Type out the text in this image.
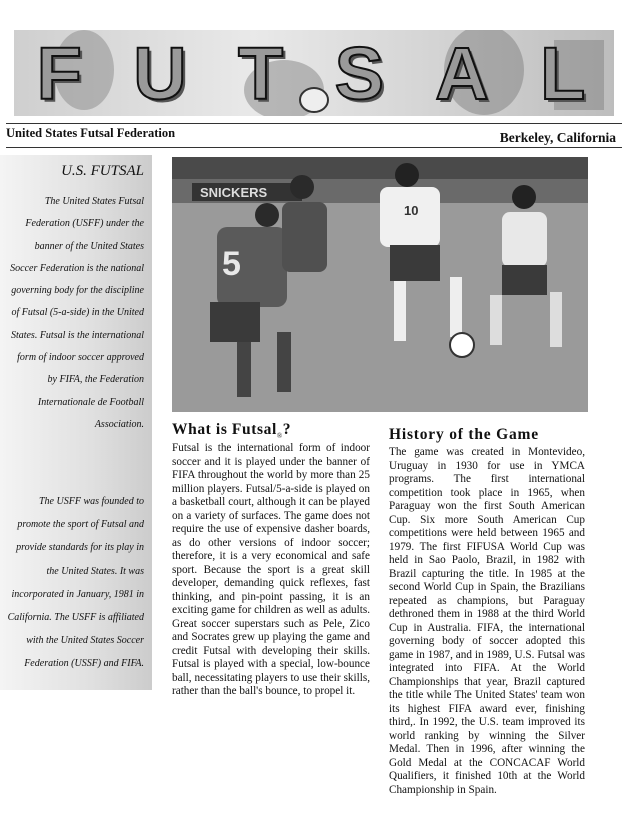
F U T S A L
United States Futsal Federation	Berkeley, California
U.S. FUTSAL
The United States Futsal Federation (USFF) under the banner of the United States Soccer Federation is the national governing body for the discipline of Futsal (5-a-side) in the United States. Futsal is the international form of indoor soccer approved by FIFA, the Federation Internationale de Football Association.
The USFF was founded to promote the sport of Futsal and provide standards for its play in the United States. It was incorporated in January, 1981 in California. The USFF is affiliated with the United States Soccer Federation (USSF) and FIFA.
SNICKERS
5
10
What is Futsal$_®$?
Futsal is the international form of indoor soccer and it is played under the banner of FIFA throughout the world by more than 25 million players. Futsal/5-a-side is played on a basketball court, although it can be played on a variety of surfaces. The game does not require the use of expensive dasher boards, as do other versions of indoor soccer; therefore, it is a very economical and safe sport. Because the sport is a great skill developer, demanding quick reflexes, fast thinking, and pin-point passing, it is an exciting game for children as well as adults. Great soccer superstars such as Pele, Zico and Socrates grew up playing the game and credit Futsal with developing their skills. Futsal is played with a special, low-bounce ball, necessitating players to use their skills, rather than the ball's bounce, to propel it.
History of the Game
The game was created in Montevideo, Uruguay in 1930 for use in YMCA programs. The first international competition took place in 1965, when Paraguay won the first South American Cup. Six more South American Cup competitions were held between 1965 and 1979. The first FIFUSA World Cup was held in Sao Paolo, Brazil, in 1982 with Brazil capturing the title. In 1985 at the second World Cup in Spain, the Brazilians repeated as champions, but Paraguay dethroned them in 1988 at the third World Cup in Australia. FIFA, the international governing body of soccer adopted this game in 1987, and in 1989, U.S. Futsal was integrated into FIFA. At the World Championships that year, Brazil captured the title while The United States' team won its highest FIFA award ever, finishing third,. In 1992, the U.S. team improved its world ranking by winning the Silver Medal. Then in 1996, after winning the Gold Medal at the CONCACAF World Qualifiers, it finished 10th at the World Championship in Spain.
